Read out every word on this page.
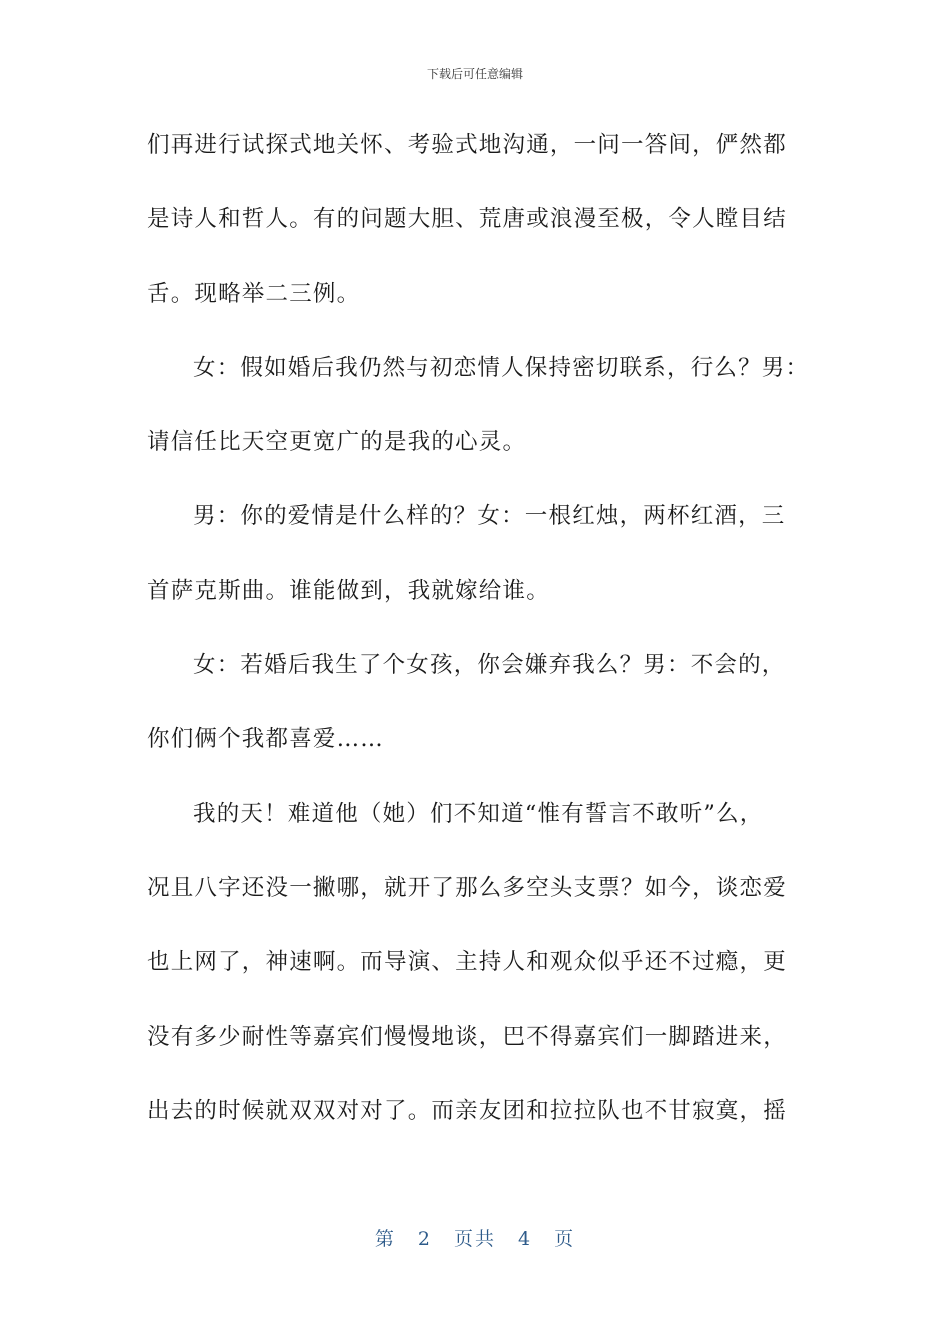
下载后可任意编辑
们再进行试探式地关怀、考验式地沟通，一问一答间，俨然都
是诗人和哲人。有的问题大胆、荒唐或浪漫至极，令人瞠目结
舌。现略举二三例。
女：假如婚后我仍然与初恋情人保持密切联系，行么？男：
请信任比天空更宽广的是我的心灵。
男：你的爱情是什么样的？女：一根红烛，两杯红酒，三
首萨克斯曲。谁能做到，我就嫁给谁。
女：若婚后我生了个女孩，你会嫌弃我么？男：不会的，
你们俩个我都喜爱……
我的天！难道他（她）们不知道“惟有誓言不敢听”么，
况且八字还没一撇哪，就开了那么多空头支票？如今，谈恋爱
也上网了，神速啊。而导演、主持人和观众似乎还不过瘾，更
没有多少耐性等嘉宾们慢慢地谈，巴不得嘉宾们一脚踏进来，
出去的时候就双双对对了。而亲友团和拉拉队也不甘寂寞，摇
第 2 页共 4 页
